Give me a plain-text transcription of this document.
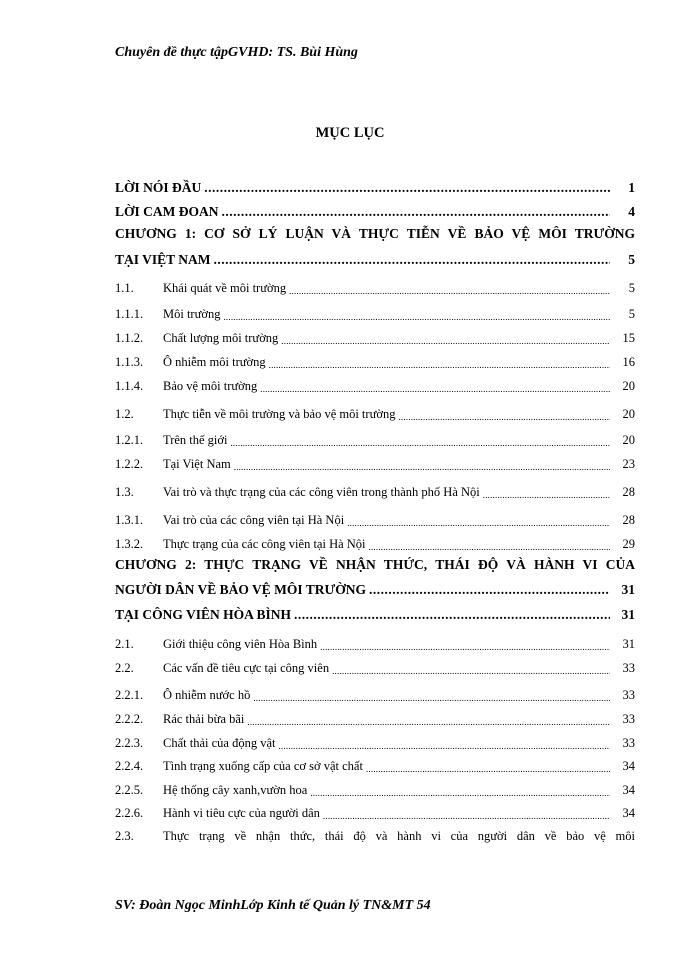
Chuyên đề thực tậpGVHD: TS. Bùi Hùng
MỤC LỤC
LỜI NÓI ĐẦU .....	1
LỜI CAM ĐOAN .....	4
CHƯƠNG 1: CƠ SỞ LÝ LUẬN VÀ THỰC TIỄN VỀ BẢO VỆ MÔI TRƯỜNG
TẠI VIỆT NAM .....	5
1.1.	Khái quát về môi trường .....	5
1.1.1.	Môi trường .....	5
1.1.2.	Chất lượng môi trường .....	15
1.1.3.	Ô nhiễm môi trường .....	16
1.1.4.	Bảo vệ môi trường .....	20
1.2.	Thực tiễn về môi trường và bảo vệ môi trường .....	20
1.2.1.	Trên thế giới .....	20
1.2.2.	Tại Việt Nam .....	23
1.3.	Vai trò và thực trạng của các công viên trong thành phố Hà Nội .....	28
1.3.1.	Vai trò của các công viên tại Hà Nội .....	28
1.3.2.	Thực trạng của các công viên tại Hà Nội .....	29
CHƯƠNG 2: THỰC TRẠNG VỀ NHẬN THỨC, THÁI ĐỘ VÀ HÀNH VI CỦA
NGƯỜI DÂN VỀ BẢO VỆ MÔI TRƯỜNG .....	31
TẠI CÔNG VIÊN HÒA BÌNH .....	31
2.1.	Giới thiệu công viên Hòa Bình .....	31
2.2.	Các vấn đề tiêu cực tại công viên .....	33
2.2.1.	Ô nhiễm nước hồ .....	33
2.2.2.	Rác thải bừa bãi .....	33
2.2.3.	Chất thải của động vật .....	33
2.2.4.	Tình trạng xuống cấp của cơ sở vật chất .....	34
2.2.5.	Hệ thống cây xanh,vườn hoa .....	34
2.2.6.	Hành vi tiêu cực của người dân .....	34
2.3.	Thực trạng về nhận thức, thái độ và hành vi của người dân về bảo vệ môi
SV: Đoàn Ngọc MinhLớp Kinh tế Quản lý TN&MT 54
